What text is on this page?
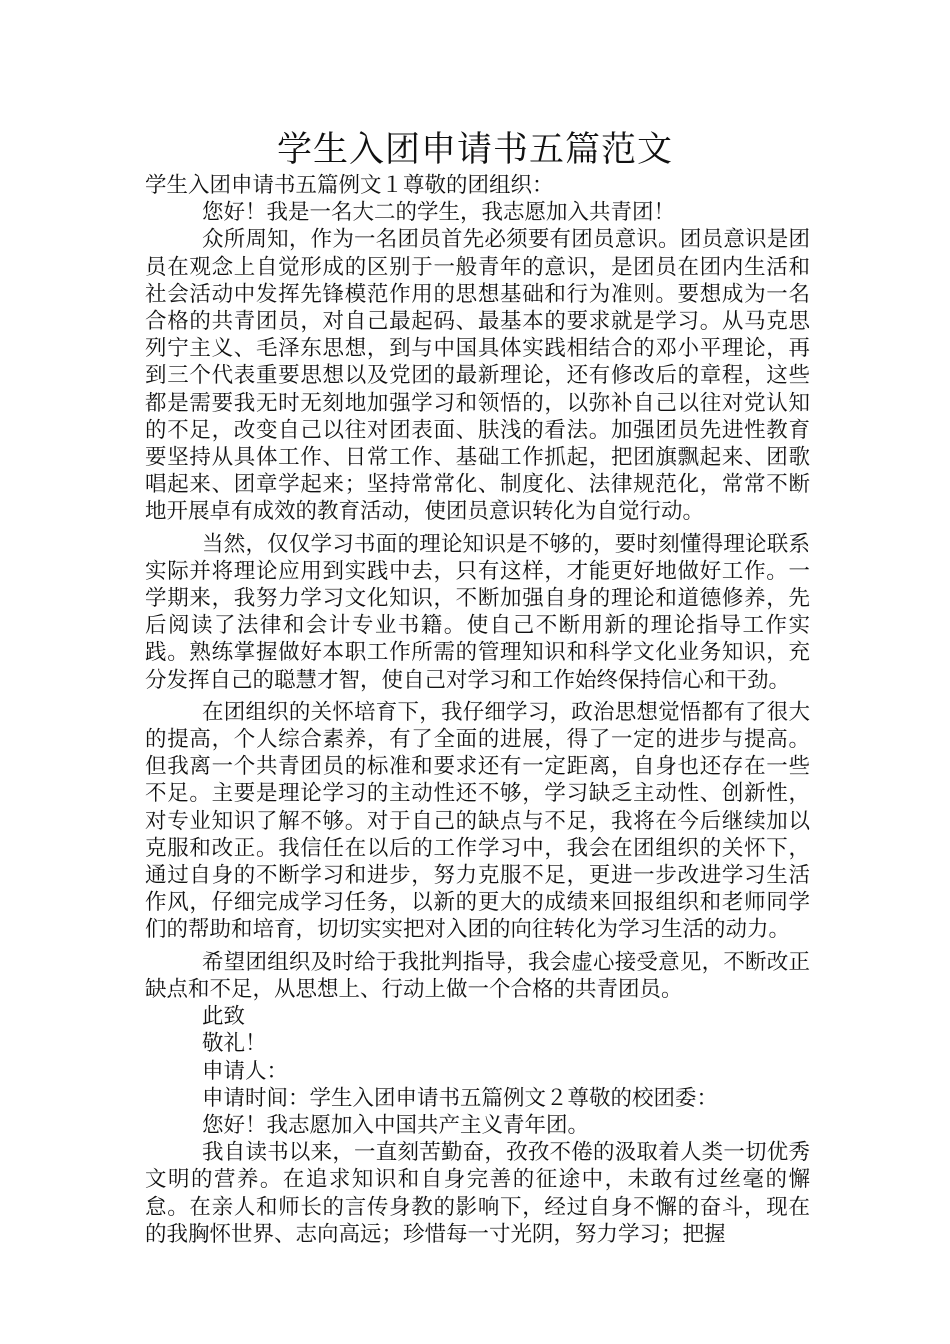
学生入团申请书五篇范文

学生入团申请书五篇例文１尊敬的团组织：

您好！我是一名大二的学生，我志愿加入共青团！

众所周知，作为一名团员首先必须要有团员意识。团员意识是团员在观念上自觉形成的区别于一般青年的意识，是团员在团内生活和社会活动中发挥先锋模范作用的思想基础和行为准则。要想成为一名合格的共青团员，对自己最起码、最基本的要求就是学习。从马克思列宁主义、毛泽东思想，到与中国具体实践相结合的邓小平理论，再到三个代表重要思想以及党团的最新理论，还有修改后的章程，这些都是需要我无时无刻地加强学习和领悟的，以弥补自己以往对党认知的不足，改变自己以往对团表面、肤浅的看法。加强团员先进性教育要坚持从具体工作、日常工作、基础工作抓起，把团旗飘起来、团歌唱起来、团章学起来；坚持常常化、制度化、法律规范化，常常不断地开展卓有成效的教育活动，使团员意识转化为自觉行动。

当然，仅仅学习书面的理论知识是不够的，要时刻懂得理论联系实际并将理论应用到实践中去，只有这样，才能更好地做好工作。一学期来，我努力学习文化知识，不断加强自身的理论和道德修养，先后阅读了法律和会计专业书籍。使自己不断用新的理论指导工作实践。熟练掌握做好本职工作所需的管理知识和科学文化业务知识，充分发挥自己的聪慧才智，使自己对学习和工作始终保持信心和干劲。

在团组织的关怀培育下，我仔细学习，政治思想觉悟都有了很大的提高，个人综合素养，有了全面的进展，得了一定的进步与提高。但我离一个共青团员的标准和要求还有一定距离，自身也还存在一些不足。主要是理论学习的主动性还不够，学习缺乏主动性、创新性，对专业知识了解不够。对于自己的缺点与不足，我将在今后继续加以克服和改正。我信任在以后的工作学习中，我会在团组织的关怀下，通过自身的不断学习和进步，努力克服不足，更进一步改进学习生活作风，仔细完成学习任务，以新的更大的成绩来回报组织和老师同学们的帮助和培育，切切实实把对入团的向往转化为学习生活的动力。

希望团组织及时给于我批判指导，我会虚心接受意见，不断改正缺点和不足，从思想上、行动上做一个合格的共青团员。

此致

敬礼！

申请人：

申请时间：学生入团申请书五篇例文２尊敬的校团委：

您好！我志愿加入中国共产主义青年团。

我自读书以来，一直刻苦勤奋，孜孜不倦的汲取着人类一切优秀文明的营养。在追求知识和自身完善的征途中，未敢有过丝毫的懈怠。在亲人和师长的言传身教的影响下，经过自身不懈的奋斗，现在的我胸怀世界、志向高远；珍惜每一寸光阴，努力学习；把握
